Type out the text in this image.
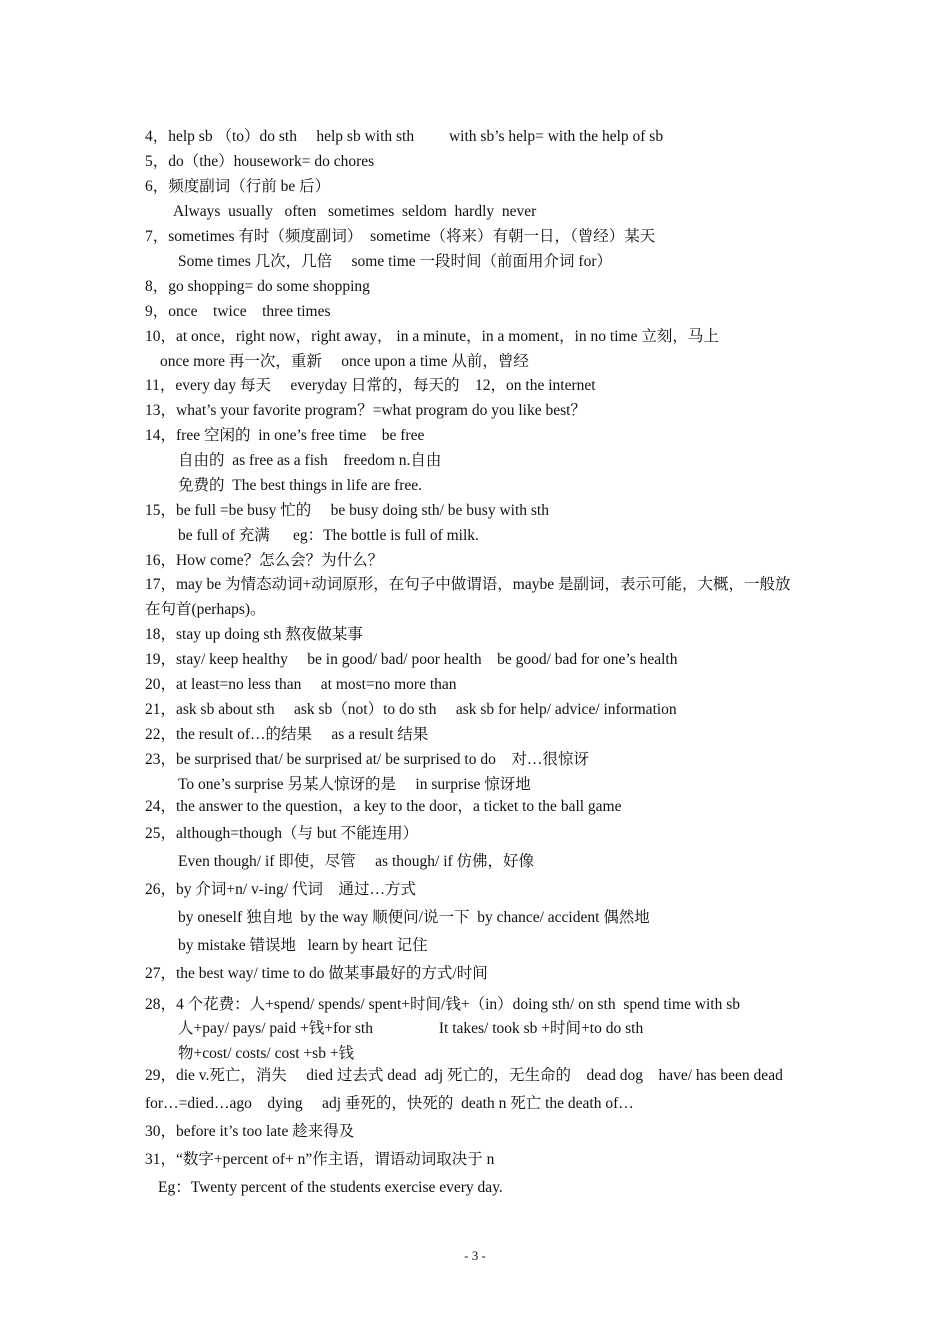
4，help sb （to）do sth　 help sb with sth　　 with sb’s help= with the help of sb
5，do（the）housework= do chores
6，频度副词（行前 be 后）
Always  usually   often   sometimes  seldom  hardly  never
7，sometimes 有时（频度副词）　sometime（将来）有朝一日，（曾经）某天
Some times 几次，几倍　 some time 一段时间（前面用介词 for）
8，go shopping= do some shopping
9，once　twice　three times
10，at once，right now，right away， in a minute，in a moment，in no time 立刻，马上
once more 再一次，重新　 once upon a time 从前，曾经
11，every day 每天　 everyday 日常的，每天的　12，on the internet
13，what’s your favorite program？=what program do you like best？
14，free 空闲的  in one’s free time　be free
自由的  as free as a fish　freedom n.自由
免费的  The best things in life are free.
15，be full =be busy 忙的　 be busy doing sth/ be busy with sth
be full of 充满　  eg：The bottle is full of milk.
16，How come？怎么会？为什么？
17，may be 为情态动词+动词原形，在句子中做谓语，maybe 是副词，表示可能，大概，一般放
在句首(perhaps)。
18，stay up doing sth 熬夜做某事
19，stay/ keep healthy　 be in good/ bad/ poor health　be good/ bad for one’s health
20，at least=no less than　 at most=no more than
21，ask sb about sth　 ask sb（not）to do sth　 ask sb for help/ advice/ information
22，the result of…的结果　 as a result 结果
23，be surprised that/ be surprised at/ be surprised to do　对…很惊讶
To one’s surprise 另某人惊讶的是　 in surprise 惊讶地
24，the answer to the question，a key to the door，a ticket to the ball game
25，although=though（与 but 不能连用）
Even though/ if 即使，尽管　 as though/ if 仿佛，好像
26，by 介词+n/ v-ing/ 代词　通过…方式
by oneself 独自地  by the way 顺便问/说一下  by chance/ accident 偶然地
by mistake 错误地   learn by heart 记住
27，the best way/ time to do 做某事最好的方式/时间
28，4 个花费：人+spend/ spends/ spent+时间/钱+（in）doing sth/ on sth  spend time with sb
人+pay/ pays/ paid +钱+for sth　　　　 It takes/ took sb +时间+to do sth
物+cost/ costs/ cost +sb +钱
29，die v.死亡，消失　 died 过去式 dead  adj 死亡的，无生命的　dead dog　have/ has been dead
for…=died…ago　dying　 adj 垂死的，快死的  death n 死亡 the death of…
30，before it’s too late 趁来得及
31，“数字+percent of+ n”作主语，谓语动词取决于 n
Eg：Twenty percent of the students exercise every day.
- 3 -
